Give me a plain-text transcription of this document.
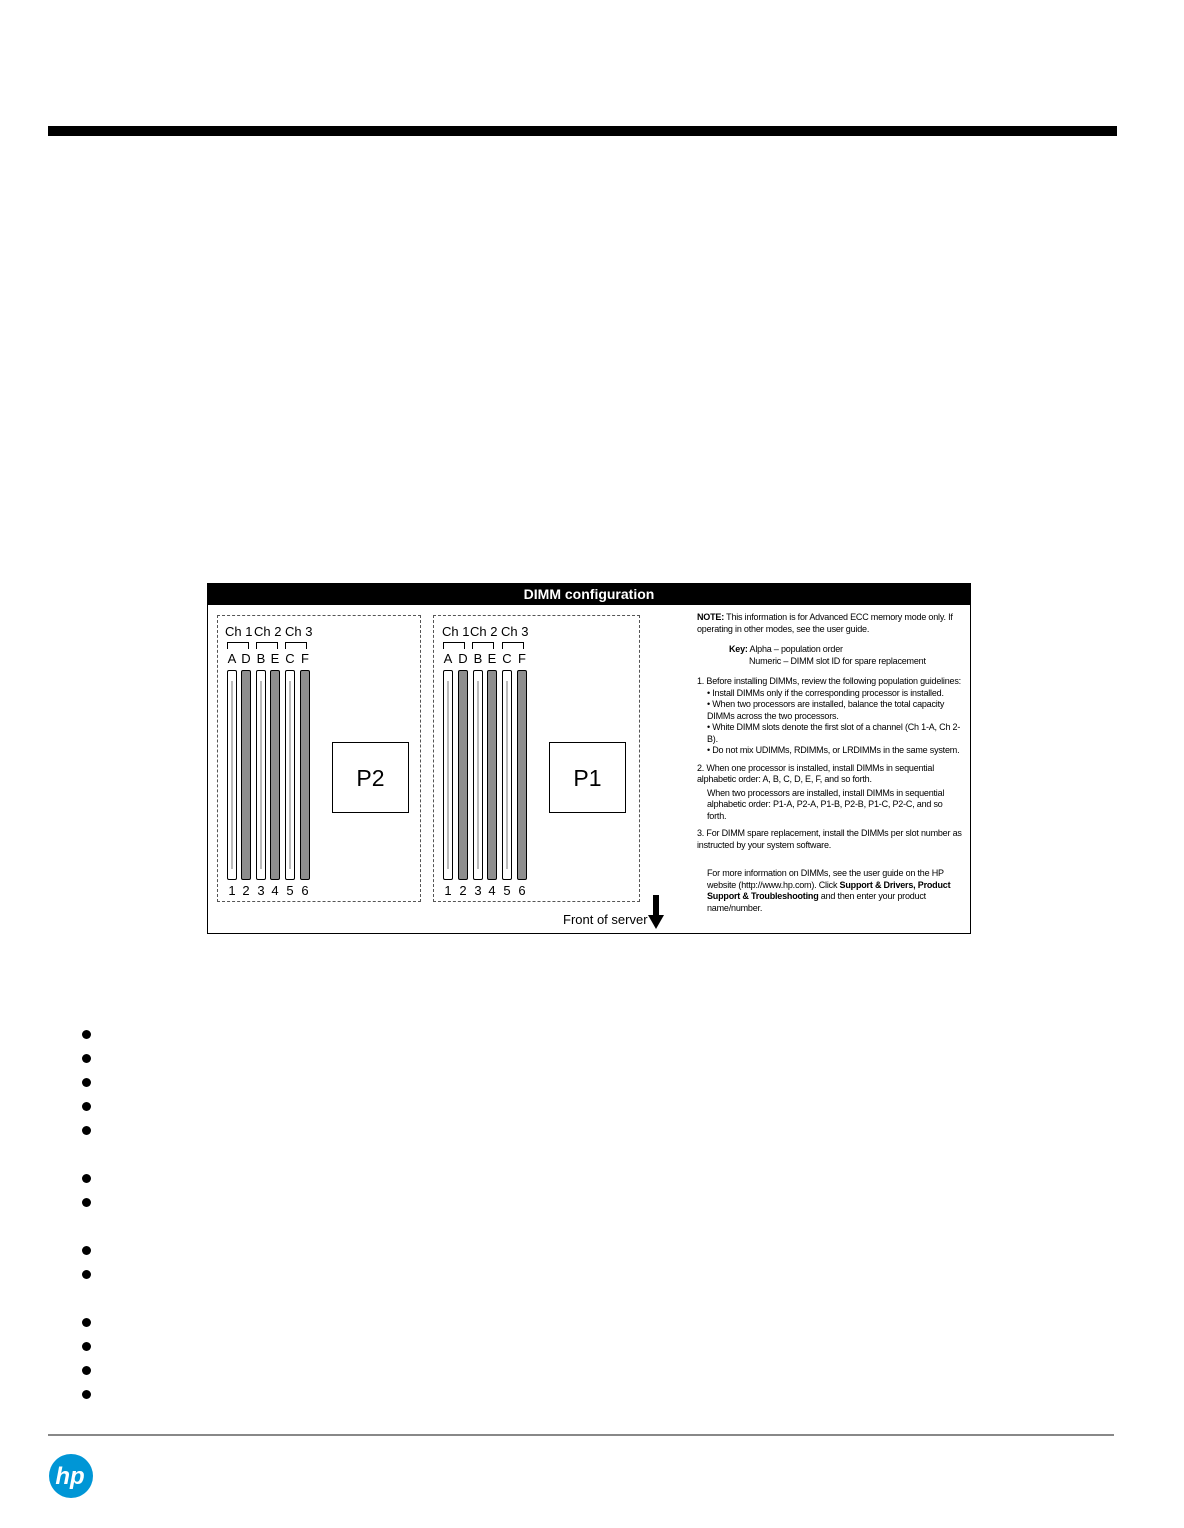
DIMM configuration
Ch 1 Ch 2 Ch 3
A D B E C F
1 2 3 4 5 6
P2
Ch 1 Ch 2 Ch 3
A D B E C F
1 2 3 4 5 6
P1
Front of server

NOTE: This information is for Advanced ECC memory mode only. If operating in other modes, see the user guide.

Key: Alpha – population order

Numeric – DIMM slot ID for spare replacement

1. Before installing DIMMs, review the following population guidelines:

• Install DIMMs only if the corresponding processor is installed.

• When two processors are installed, balance the total capacity DIMMs across the two processors.

• White DIMM slots denote the first slot of a channel (Ch 1-A, Ch 2-B).

• Do not mix UDIMMs, RDIMMs, or LRDIMMs in the same system.

2. When one processor is installed, install DIMMs in sequential alphabetic order: A, B, C, D, E, F, and so forth.

When two processors are installed, install DIMMs in sequential alphabetic order: P1-A, P2-A, P1-B, P2-B, P1-C, P2-C, and so forth.

3. For DIMM spare replacement, install the DIMMs per slot number as instructed by your system software.

For more information on DIMMs, see the user guide on the HP website (http://www.hp.com). Click Support & Drivers, Product Support & Troubleshooting and then enter your product name/number.

hp
